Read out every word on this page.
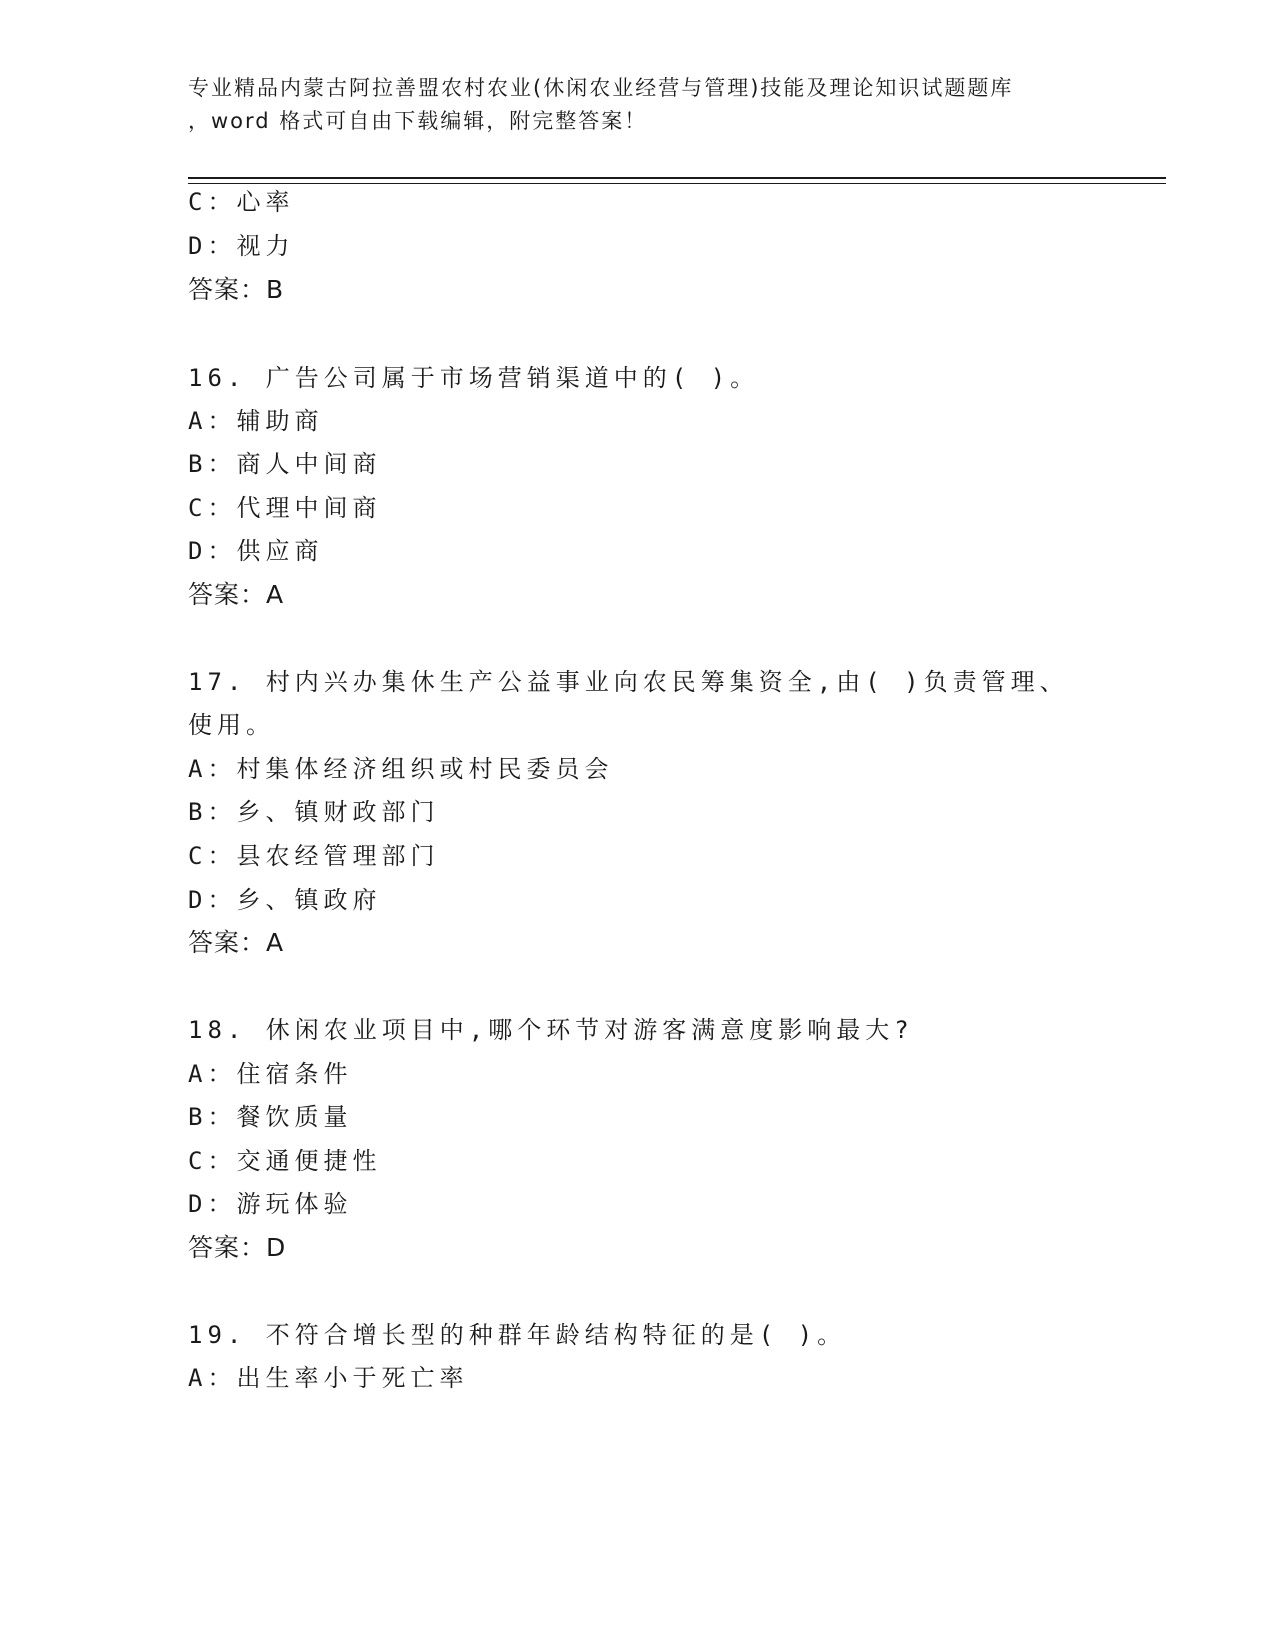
专业精品内蒙古阿拉善盟农村农业(休闲农业经营与管理)技能及理论知识试题题库
，word 格式可自由下载编辑，附完整答案！
C：心率
D：视力
答案：B
16. 广告公司属于市场营销渠道中的( )。
A：辅助商
B：商人中间商
C：代理中间商
D：供应商
答案：A
17. 村内兴办集休生产公益事业向农民筹集资全,由( )负责管理、
使用。
A：村集体经济组织或村民委员会
B：乡、镇财政部门
C：县农经管理部门
D：乡、镇政府
答案：A
18. 休闲农业项目中,哪个环节对游客满意度影响最大?
A：住宿条件
B：餐饮质量
C：交通便捷性
D：游玩体验
答案：D
19. 不符合增长型的种群年龄结构特征的是( )。
A：出生率小于死亡率
